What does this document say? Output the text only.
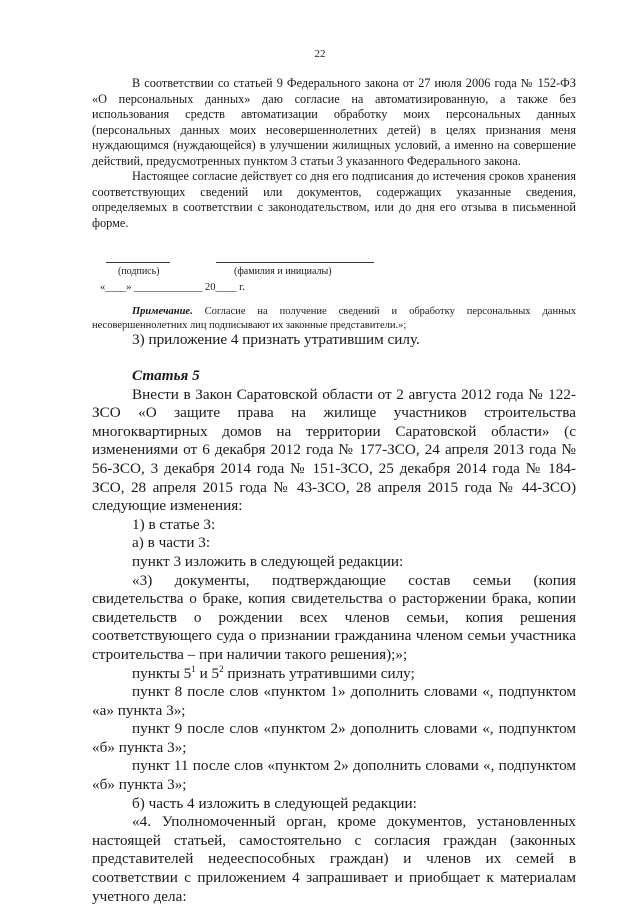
22

В соответствии со статьей 9 Федерального закона от 27 июля 2006 года № 152-ФЗ «О персональных данных» даю согласие на автоматизированную, а также без использования средств автоматизации обработку моих персональных данных (персональных данных моих несовершеннолетних детей) в целях признания меня нуждающимся (нуждающейся) в улучшении жилищных условий, а именно на совершение действий, предусмотренных пунктом 3 статьи 3 указанного Федерального закона.

Настоящее согласие действует со дня его подписания до истечения сроков хранения соответствующих сведений или документов, содержащих указанные сведения, определяемых в соответствии с законодательством, или до дня его отзыва в письменной форме.

(подпись)	(фамилия и инициалы)
«____» _____________ 20____ г.

Примечание. Согласие на получение сведений и обработку персональных данных несовершеннолетних лиц подписывают их законные представители.»;

3) приложение 4 признать утратившим силу.

Статья 5

Внести в Закон Саратовской области от 2 августа 2012 года № 122-ЗСО «О защите права на жилище участников строительства многоквартирных домов на территории Саратовской области» (с изменениями от 6 декабря 2012 года № 177-ЗСО, 24 апреля 2013 года № 56-ЗСО, 3 декабря 2014 года № 151-ЗСО, 25 декабря 2014 года № 184-ЗСО, 28 апреля 2015 года № 43-ЗСО, 28 апреля 2015 года № 44-ЗСО) следующие изменения:

1) в статье 3:

а) в части 3:

пункт 3 изложить в следующей редакции:

«3) документы, подтверждающие состав семьи (копия свидетельства о браке, копия свидетельства о расторжении брака, копии свидетельств о рождении всех членов семьи, копия решения соответствующего суда о признании гражданина членом семьи участника строительства – при наличии такого решения);»;

пункты $5^1$ и $5^2$ признать утратившими силу;

пункт 8 после слов «пунктом 1» дополнить словами «, подпунктом «а» пункта 3»;

пункт 9 после слов «пунктом 2» дополнить словами «, подпунктом «б» пункта 3»;

пункт 11 после слов «пунктом 2» дополнить словами «, подпунктом «б» пункта 3»;

б) часть 4 изложить в следующей редакции:

«4. Уполномоченный орган, кроме документов, установленных настоящей статьей, самостоятельно с согласия граждан (законных представителей недееспособных граждан) и членов их семей в соответствии с приложением 4 запрашивает и приобщает к материалам учетного дела:
